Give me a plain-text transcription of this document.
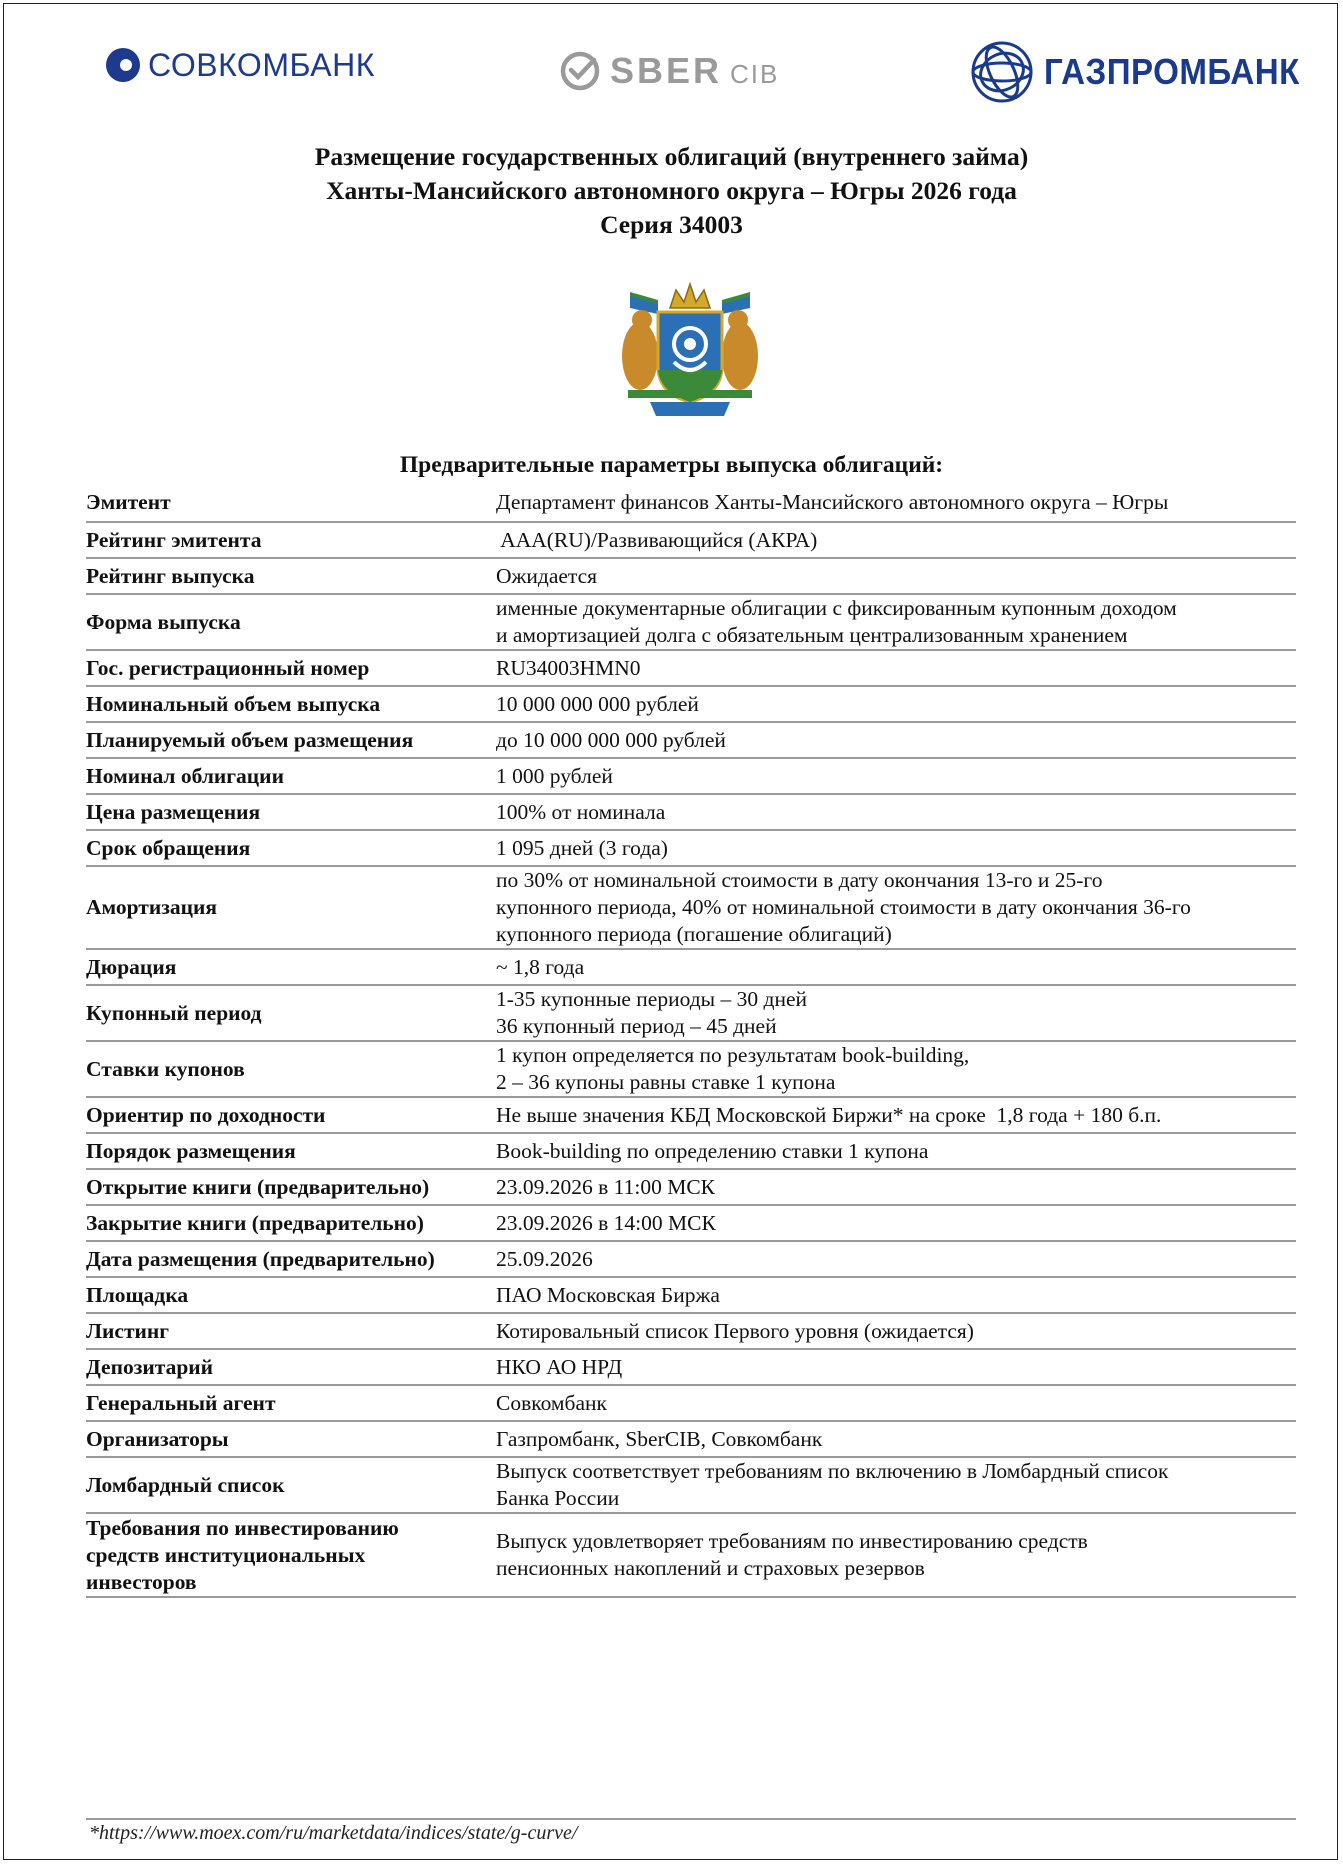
СОВКОМБАНК	SBER CIB	ГАЗПРОМБАНК
Размещение государственных облигаций (внутреннего займа)
Ханты-Мансийского автономного округа – Югры 2026 года
Серия 34003
Предварительные параметры выпуска облигаций:
Эмитент	Департамент финансов Ханты-Мансийского автономного округа – Югры

Рейтинг эмитента	AAA(RU)/Развивающийся (АКРА)

Рейтинг выпуска	Ожидается

Форма выпуска	именные документарные облигации с фиксированным купонным доходом
и амортизацией долга с обязательным централизованным хранением

Гос. регистрационный номер	RU34003HMN0

Номинальный объем выпуска	10 000 000 000 рублей

Планируемый объем размещения	до 10 000 000 000 рублей

Номинал облигации	1 000 рублей

Цена размещения	100% от номинала

Срок обращения	1 095 дней (3 года)

Амортизация	по 30% от номинальной стоимости в дату окончания 13-го и 25-го
купонного периода, 40% от номинальной стоимости в дату окончания 36-го
купонного периода (погашение облигаций)

Дюрация	~ 1,8 года

Купонный период	1-35 купонные периоды – 30 дней
36 купонный период – 45 дней

Ставки купонов	1 купон определяется по результатам book-building,
2 – 36 купоны равны ставке 1 купона

Ориентир по доходности	Не выше значения КБД Московской Биржи* на сроке  1,8 года + 180 б.п.

Порядок размещения	Book-building по определению ставки 1 купона

Открытие книги (предварительно)	23.09.2026 в 11:00 МСК

Закрытие книги (предварительно)	23.09.2026 в 14:00 МСК

Дата размещения (предварительно)	25.09.2026

Площадка	ПАО Московская Биржа

Листинг	Котировальный список Первого уровня (ожидается)

Депозитарий	НКО АО НРД

Генеральный агент	Совкомбанк

Организаторы	Газпромбанк, SberCIB, Совкомбанк

Ломбардный список	Выпуск соответствует требованиям по включению в Ломбардный список
Банка России

Требования по инвестированию
средств институциональных
инвесторов	Выпуск удовлетворяет требованиям по инвестированию средств
пенсионных накоплений и страховых резервов
*https://www.moex.com/ru/marketdata/indices/state/g-curve/
